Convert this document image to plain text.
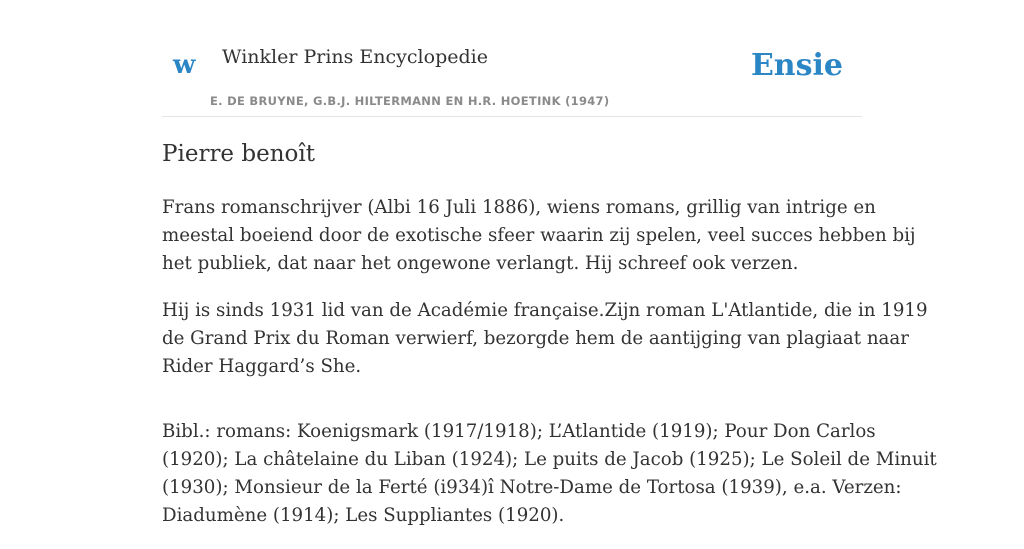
w Winkler Prins Encyclopedie
E. DE BRUYNE, G.B.J. HILTERMANN EN H.R. HOETINK (1947)
Ensie
Pierre benoît

Frans romanschrijver (Albi 16 Juli 1886), wiens romans, grillig van intrige en
meestal boeiend door de exotische sfeer waarin zij spelen, veel succes hebben bij
het publiek, dat naar het ongewone verlangt. Hij schreef ook verzen.

Hij is sinds 1931 lid van de Académie française.Zijn roman L'Atlantide, die in 1919
de Grand Prix du Roman verwierf, bezorgde hem de aantijging van plagiaat naar
Rider Haggard’s She.

Bibl.: romans: Koenigsmark (1917/1918); L’Atlantide (1919); Pour Don Carlos
(1920); La châtelaine du Liban (1924); Le puits de Jacob (1925); Le Soleil de Minuit
(1930); Monsieur de la Ferté (i934)î Notre-Dame de Tortosa (1939), e.a. Verzen:
Diadumène (1914); Les Suppliantes (1920).
